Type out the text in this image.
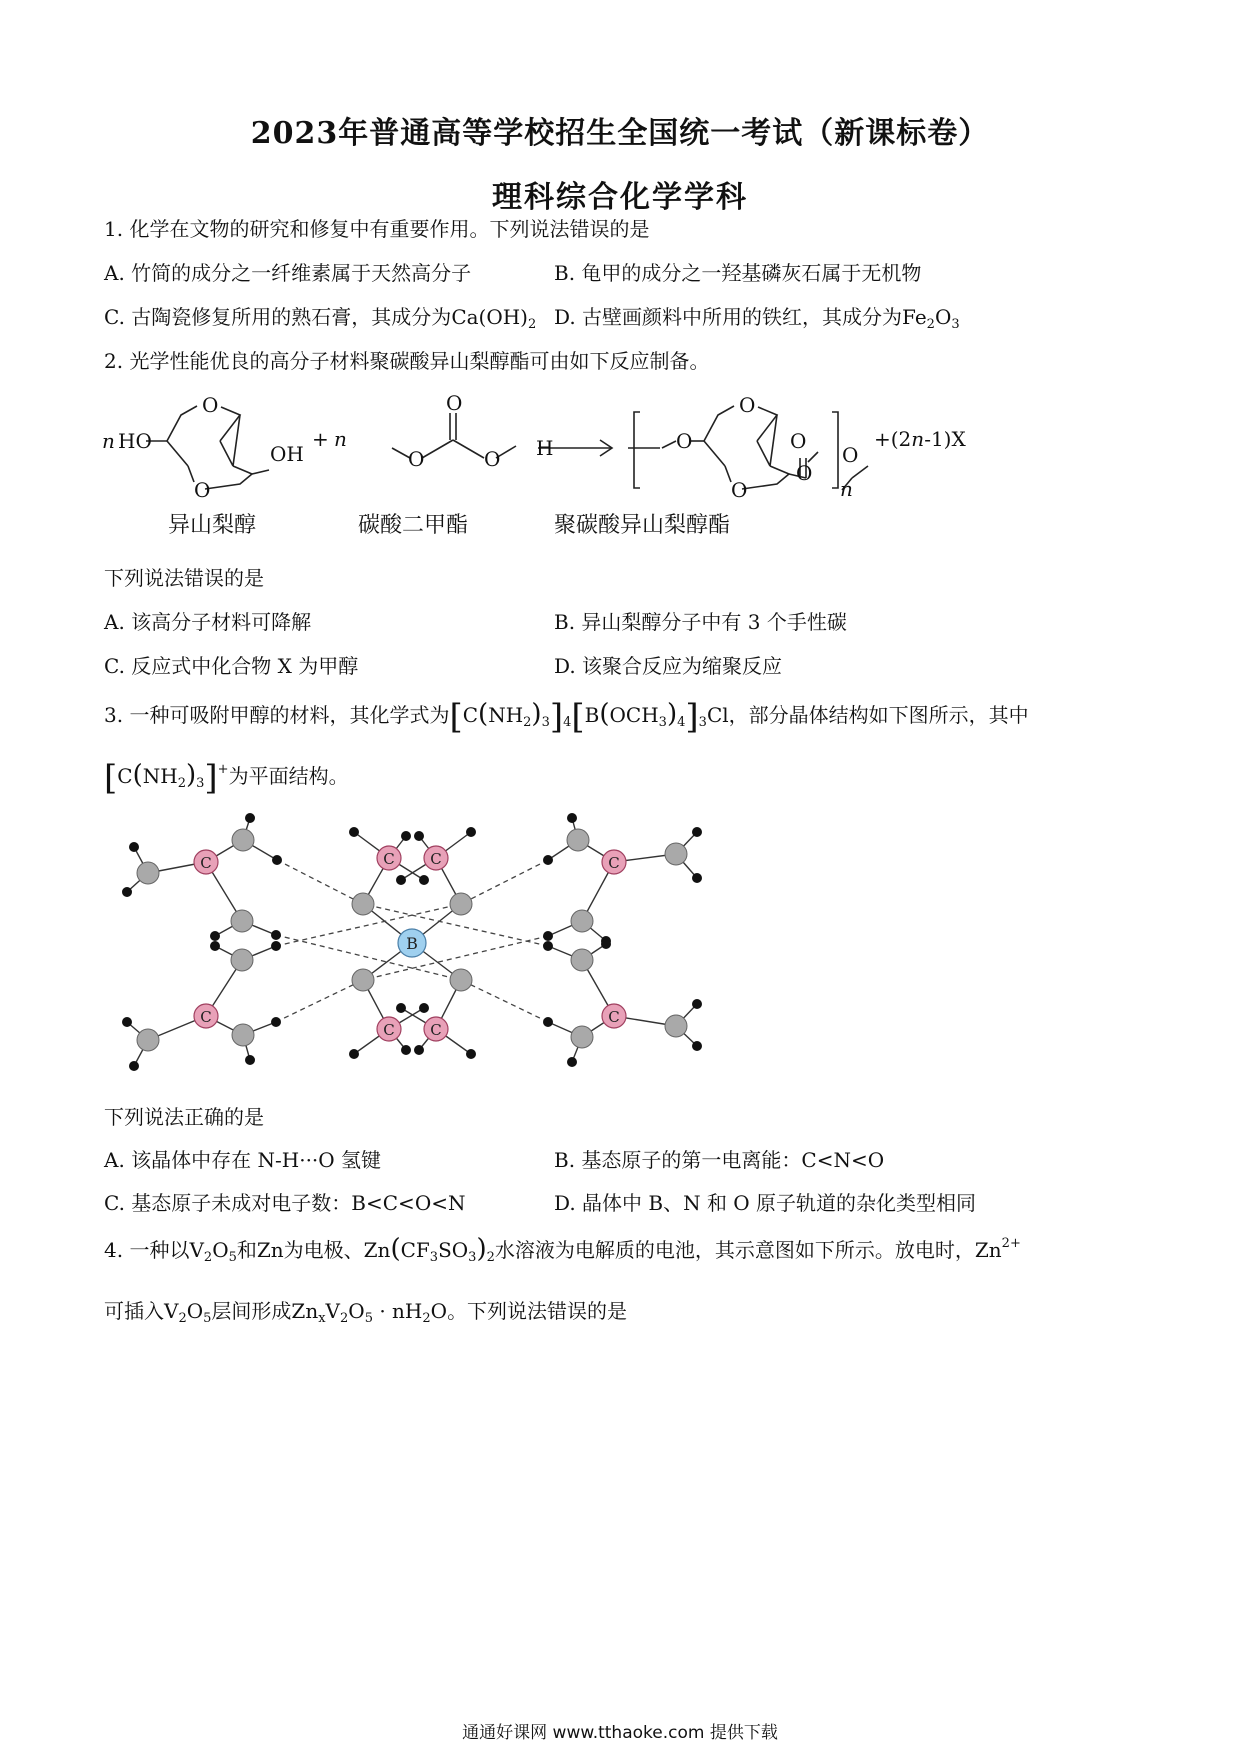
2023年普通高等学校招生全国统一考试（新课标卷）
理科综合化学学科
1. 化学在文物的研究和修复中有重要作用。下列说法错误的是
A. 竹简的成分之一纤维素属于天然高分子	B. 龟甲的成分之一羟基磷灰石属于无机物
C. 古陶瓷修复所用的熟石膏，其成分为$Ca(OH)_2$ D. 古壁画颜料中所用的铁红，其成分为$Fe_2O_3$
2. 光学性能优良的高分子材料聚碳酸异山梨醇酯可由如下反应制备。
n HO
O
O
OH
+ n
O
O	O H	O
O
O
O
O
n
O
+(2n-1)X
异山梨醇	碳酸二甲酯	聚碳酸异山梨醇酯
下列说法错误的是
A. 该高分子材料可降解	B. 异山梨醇分子中有 3 个手性碳
C. 反应式中化合物 X 为甲醇	D. 该聚合反应为缩聚反应
3. 一种可吸附甲醇的材料，其化学式为$[C(NH_2)_3]_4[B(OCH_3)_4]_3Cl$，部分晶体结构如下图所示，其中
$[C(NH_2)_3]^+$为平面结构。
C C
C C
C
C
C
C
B
下列说法正确的是
A. 该晶体中存在 N-H···O 氢键	B. 基态原子的第一电离能：C<N<O
C. 基态原子未成对电子数：B<C<O<N	D. 晶体中 B、N 和 O 原子轨道的杂化类型相同
4. 一种以$V_2O_5$和Zn为电极、$Zn(CF_3SO_3)_2$水溶液为电解质的电池，其示意图如下所示。放电时，$Zn^{2+}$
可插入$V_2O_5$层间形成$Zn_xV_2O_5 \cdot nH_2O$。下列说法错误的是
通通好课网 www.tthaoke.com 提供下载
